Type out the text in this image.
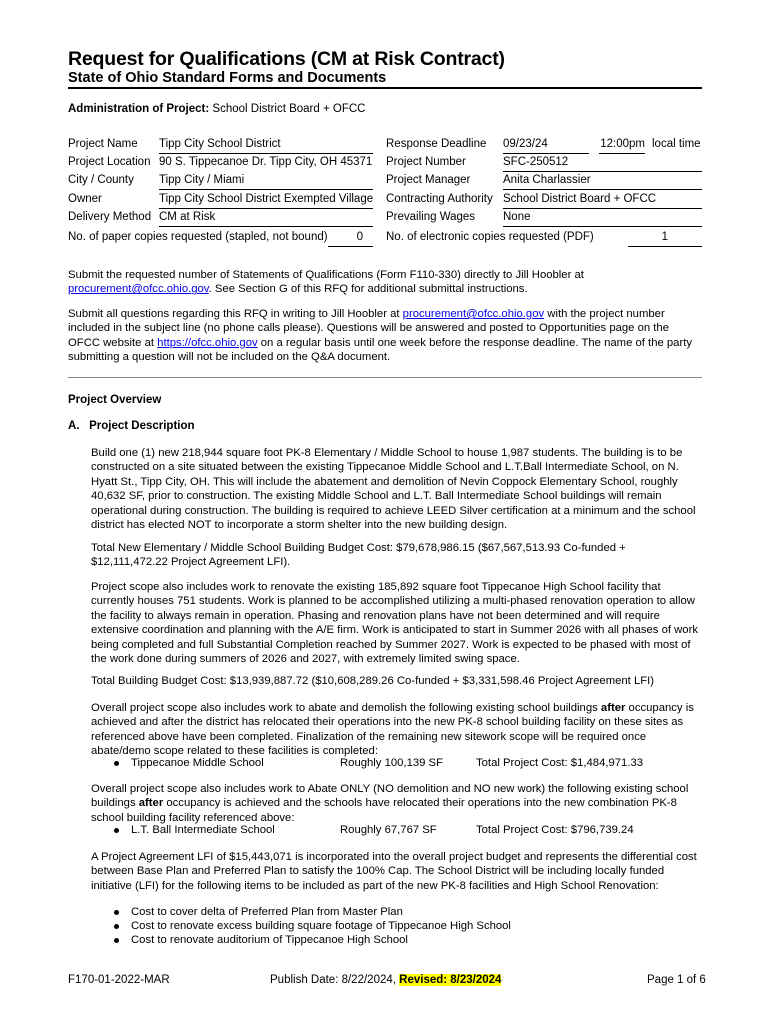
Request for Qualifications (CM at Risk Contract)
State of Ohio Standard Forms and Documents
Administration of Project: School District Board + OFCC
Project Name Tipp City School District
Project Location 90 S. Tippecanoe Dr. Tipp City, OH 45371
City / County Tipp City / Miami
Owner	Tipp City School District Exempted Village
Delivery Method CM at Risk
No. of paper copies requested (stapled, not bound)	0
Response Deadline 09/23/24	12:00pm local time
Project Number	SFC-250512
Project Manager	Anita Charlassier
Contracting Authority School District Board + OFCC
Prevailing Wages None
No. of electronic copies requested (PDF)	1
Submit the requested number of Statements of Qualifications (Form F110-330) directly to Jill Hoobler at
procurement@ofcc.ohio.gov. See Section G of this RFQ for additional submittal instructions.
Submit all questions regarding this RFQ in writing to Jill Hoobler at procurement@ofcc.ohio.gov with the project number included in the subject line (no phone calls please). Questions will be answered and posted to Opportunities page on the OFCC website at https://ofcc.ohio.gov on a regular basis until one week before the response deadline. The name of the party submitting a question will not be included on the Q&A document.
Project Overview
A.   Project Description
Build one (1) new 218,944 square foot PK-8 Elementary / Middle School to house 1,987 students. The building is to be constructed on a site situated between the existing Tippecanoe Middle School and L.T.Ball Intermediate School, on N. Hyatt St., Tipp City, OH. This will include the abatement and demolition of Nevin Coppock Elementary School, roughly 40,632 SF, prior to construction. The existing Middle School and L.T. Ball Intermediate School buildings will remain operational during construction. The building is required to achieve LEED Silver certification at a minimum and the school district has elected NOT to incorporate a storm shelter into the new building design.
Total New Elementary / Middle School Building Budget Cost: $79,678,986.15 ($67,567,513.93 Co-funded + $12,111,472.22 Project Agreement LFI).
Project scope also includes work to renovate the existing 185,892 square foot Tippecanoe High School facility that currently houses 751 students. Work is planned to be accomplished utilizing a multi-phased renovation operation to allow the facility to always remain in operation. Phasing and renovation plans have not been determined and will require extensive coordination and planning with the A/E firm. Work is anticipated to start in Summer 2026 with all phases of work being completed and full Substantial Completion reached by Summer 2027. Work is expected to be phased with most of the work done during summers of 2026 and 2027, with extremely limited swing space.
Total Building Budget Cost: $13,939,887.72 ($10,608,289.26 Co-funded + $3,331,598.46 Project Agreement LFI)
Overall project scope also includes work to abate and demolish the following existing school buildings after occupancy is achieved and after the district has relocated their operations into the new PK-8 school building facility on these sites as referenced above have been completed. Finalization of the remaining new sitework scope will be required once abate/demo scope related to these facilities is completed:
Tippecanoe Middle School	Roughly 100,139 SF	Total Project Cost: $1,484,971.33
Overall project scope also includes work to Abate ONLY (NO demolition and NO new work) the following existing school buildings after occupancy is achieved and the schools have relocated their operations into the new combination PK-8 school building facility referenced above:
L.T. Ball Intermediate School	Roughly 67,767 SF	Total Project Cost: $796,739.24
A Project Agreement LFI of $15,443,071 is incorporated into the overall project budget and represents the differential cost between Base Plan and Preferred Plan to satisfy the 100% Cap. The School District will be including locally funded initiative (LFI) for the following items to be included as part of the new PK-8 facilities and High School Renovation:
Cost to cover delta of Preferred Plan from Master Plan
Cost to renovate excess building square footage of Tippecanoe High School
Cost to renovate auditorium of Tippecanoe High School
F170-01-2022-MAR	Publish Date: 8/22/2024, Revised: 8/23/2024	Page 1 of 6
